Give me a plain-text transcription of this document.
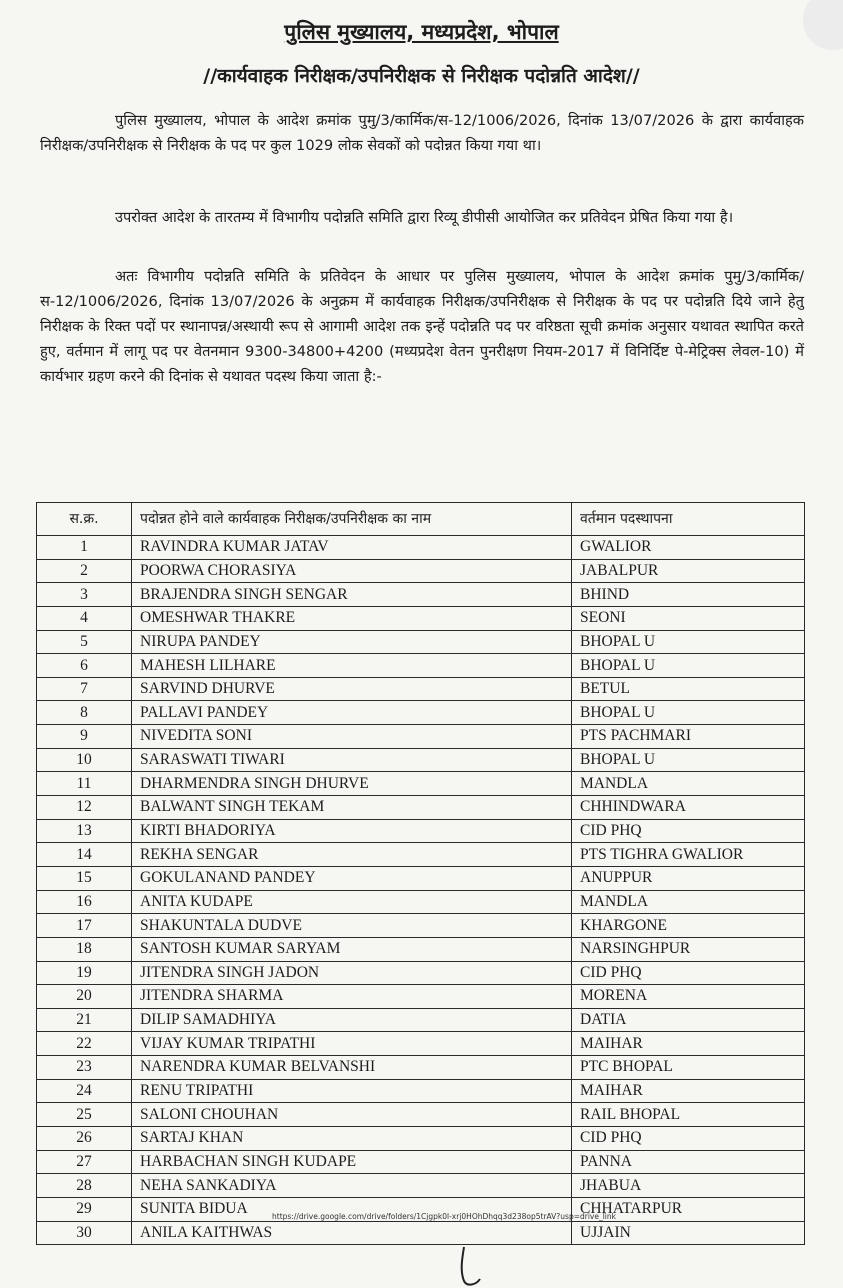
पुलिस मुख्यालय, मध्यप्रदेश, भोपाल
//कार्यवाहक निरीक्षक/उपनिरीक्षक से निरीक्षक पदोन्नति आदेश//
पुलिस मुख्यालय, भोपाल के आदेश क्रमांक पुमु/3/कार्मिक/स-12/1006/2026, दिनांक 13/07/2026 के द्वारा कार्यवाहक निरीक्षक/उपनिरीक्षक से निरीक्षक के पद पर कुल 1029 लोक सेवकों को पदोन्नत किया गया था।
उपरोक्त आदेश के तारतम्य में विभागीय पदोन्नति समिति द्वारा रिव्यू डीपीसी आयोजित कर प्रतिवेदन प्रेषित किया गया है।
अतः विभागीय पदोन्नति समिति के प्रतिवेदन के आधार पर पुलिस मुख्यालय, भोपाल के आदेश क्रमांक पुमु/3/कार्मिक/स-12/1006/2026, दिनांक 13/07/2026 के अनुक्रम में कार्यवाहक निरीक्षक/उपनिरीक्षक से निरीक्षक के पद पर पदोन्नति दिये जाने हेतु निरीक्षक के रिक्त पदों पर स्थानापन्न/अस्थायी रूप से आगामी आदेश तक इन्हें पदोन्नति पद पर वरिष्ठता सूची क्रमांक अनुसार यथावत स्थापित करते हुए, वर्तमान में लागू पद पर वेतनमान 9300-34800+4200 (मध्यप्रदेश वेतन पुनरीक्षण नियम-2017 में विनिर्दिष्ट पे-मेट्रिक्स लेवल-10) में कार्यभार ग्रहण करने की दिनांक से यथावत पदस्थ किया जाता है:-
स.क्र.	पदोन्नत होने वाले कार्यवाहक निरीक्षक/उपनिरीक्षक का नाम	वर्तमान पदस्थापना
1	RAVINDRA KUMAR JATAV	GWALIOR
2	POORWA CHORASIYA	JABALPUR
3	BRAJENDRA SINGH SENGAR	BHIND
4	OMESHWAR THAKRE	SEONI
5	NIRUPA PANDEY	BHOPAL U
6	MAHESH LILHARE	BHOPAL U
7	SARVIND DHURVE	BETUL
8	PALLAVI PANDEY	BHOPAL U
9	NIVEDITA SONI	PTS PACHMARI
10	SARASWATI TIWARI	BHOPAL U
11	DHARMENDRA SINGH DHURVE	MANDLA
12	BALWANT SINGH TEKAM	CHHINDWARA
13	KIRTI BHADORIYA	CID PHQ
14	REKHA SENGAR	PTS TIGHRA GWALIOR
15	GOKULANAND PANDEY	ANUPPUR
16	ANITA KUDAPE	MANDLA
17	SHAKUNTALA DUDVE	KHARGONE
18	SANTOSH KUMAR SARYAM	NARSINGHPUR
19	JITENDRA SINGH JADON	CID PHQ
20	JITENDRA SHARMA	MORENA
21	DILIP SAMADHIYA	DATIA
22	VIJAY KUMAR TRIPATHI	MAIHAR
23	NARENDRA KUMAR BELVANSHI	PTC BHOPAL
24	RENU TRIPATHI	MAIHAR
25	SALONI CHOUHAN	RAIL BHOPAL
26	SARTAJ KHAN	CID PHQ
27	HARBACHAN SINGH KUDAPE	PANNA
28	NEHA SANKADIYA	JHABUA
29	SUNITA BIDUA	CHHATARPUR
30	ANILA KAITHWAS	UJJAIN
https://drive.google.com/drive/folders/1Cjgpk0l-xrj0HOhDhqq3d238op5trAV?usp=drive_link
